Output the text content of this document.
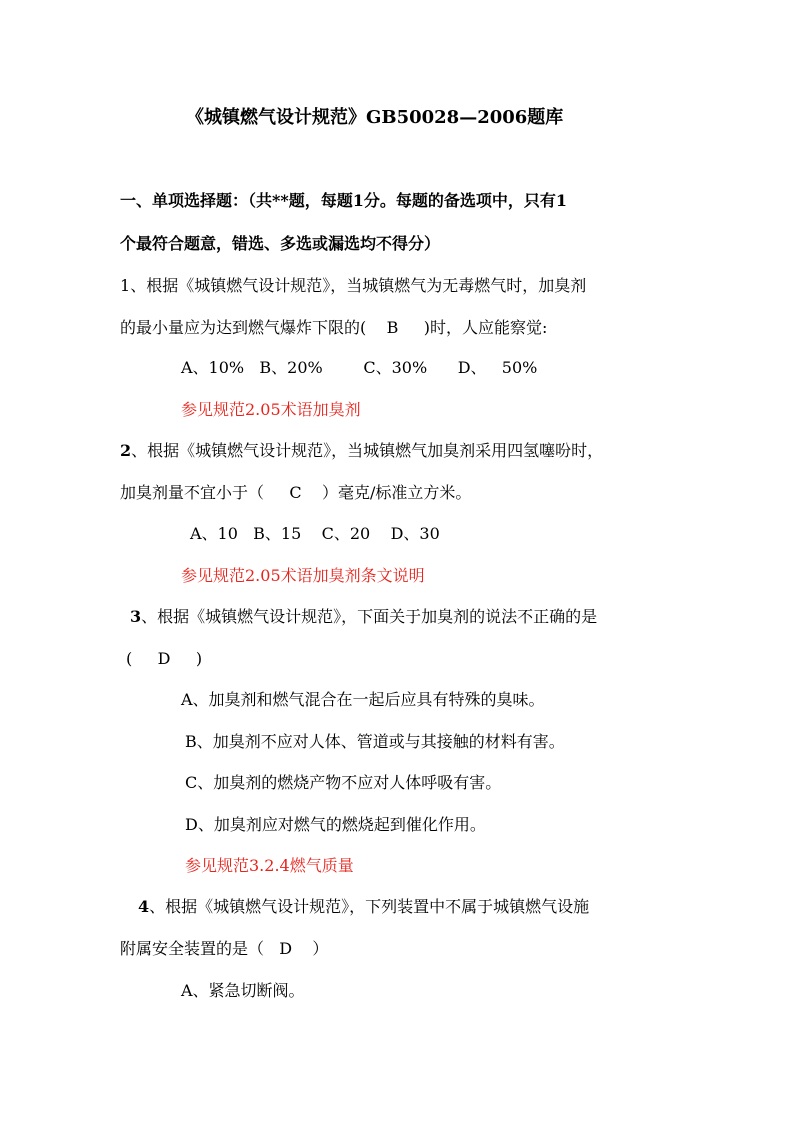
《城镇燃气设计规范》GB50028—2006题库
一、单项选择题：（共**题，每题1分。每题的备选项中，只有1
个最符合题意，错选、多选或漏选均不得分）
1、根据《城镇燃气设计规范》，当城镇燃气为无毒燃气时，加臭剂
的最小量应为达到燃气爆炸下限的(    B     )时，人应能察觉:
A、10%   B、20%        C、30%      D、   50%
参见规范2.05术语加臭剂
2、根据《城镇燃气设计规范》，当城镇燃气加臭剂采用四氢噻吩时，
加臭剂量不宜小于（     C    ）毫克/标准立方米。
A、10   B、15    C、20    D、30
参见规范2.05术语加臭剂条文说明
3、根据《城镇燃气设计规范》，下面关于加臭剂的说法不正确的是
(     D     )
A、加臭剂和燃气混合在一起后应具有特殊的臭味。
B、加臭剂不应对人体、管道或与其接触的材料有害。
C、加臭剂的燃烧产物不应对人体呼吸有害。
D、加臭剂应对燃气的燃烧起到催化作用。
参见规范3.2.4燃气质量
4、根据《城镇燃气设计规范》，下列装置中不属于城镇燃气设施
附属安全装置的是（   D    ）
A、紧急切断阀。
